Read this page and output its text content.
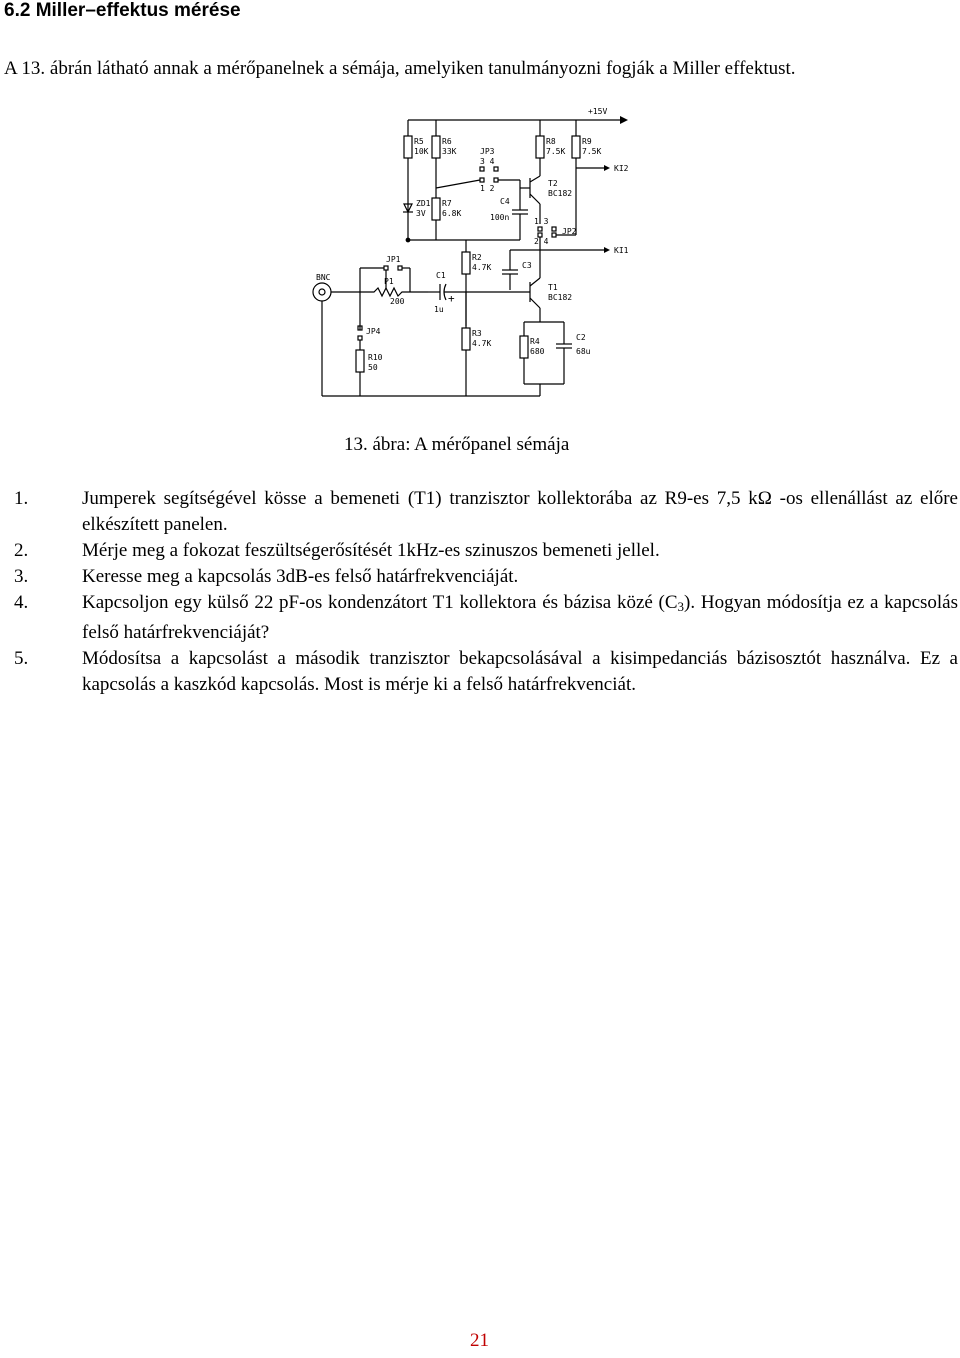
6.2 Miller–effektus mérése
A 13. ábrán látható annak a mérőpanelnek a sémája, amelyiken tanulmányozni fogják a Miller effektust.
+15V
R5
10K
R6
33K	JP3
3 4
1 2
ZD1
3V
R7
6.8K
C4
100n
R8
7.5K
R9
7.5K
KI2
T2
BC182
1 3
2 4
JP2
KI1
R2
4.7K	C3
T1
BC182
R4
680
C2
68u
R3
4.7K
C1
1u
+
JP1
P1
200
BNC
JP4
R10
50
13. ábra: A mérőpanel sémája
1.	Jumperek segítségével kösse a bemeneti (T1) tranzisztor kollektorába az R9-es 7,5 kΩ -os ellenállást az előre elkészített panelen.
2.	Mérje meg a fokozat feszültségerősítését 1kHz-es szinuszos bemeneti jellel.
3.	Keresse meg a kapcsolás 3dB-es felső határfrekvenciáját.
4.	Kapcsoljon egy külső 22 pF-os kondenzátort T1 kollektora és bázisa közé $(C_3)$. Hogyan módosítja ez a kapcsolás felső határfrekvenciáját?
5.	Módosítsa a kapcsolást a második tranzisztor bekapcsolásával a kisimpedanciás bázisosztót használva. Ez a kapcsolás a kaszkód kapcsolás. Most is mérje ki a felső határfrekvenciát.
21
